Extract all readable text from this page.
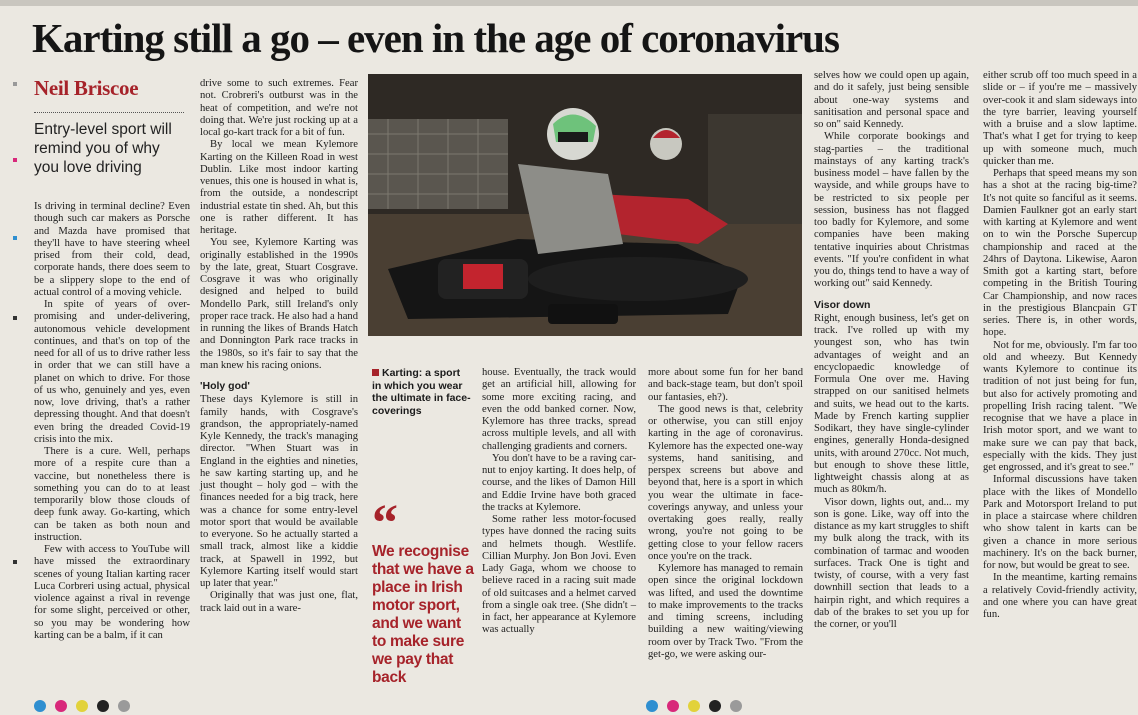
Karting still a go – even in the age of coronavirus
Neil Briscoe
Entry-level sport will remind you of why you love driving

Is driving in terminal decline? Even though such car makers as Porsche and Mazda have promised that they'll have to have steering wheel prised from their cold, dead, corporate hands, there does seem to be a slippery slope to the end of actual control of a moving vehicle.

In spite of years of over-promising and under-delivering, autonomous vehicle development continues, and that's on top of the need for all of us to drive rather less in order that we can still have a planet on which to drive. For those of us who, genuinely and yes, even now, love driving, that's a rather depressing thought. And that doesn't even bring the dreaded Covid-19 crisis into the mix.

There is a cure. Well, perhaps more of a respite cure than a vaccine, but nonetheless there is something you can do to at least temporarily blow those clouds of deep funk away. Go-karting, which can be taken as both noun and instruction.

Few with access to YouTube will have missed the extraordinary scenes of young Italian karting racer Luca Corbreri using actual, physical violence against a rival in revenge for some slight, perceived or other, so you may be wondering how karting can be a balm, if it can

drive some to such extremes. Fear not. Crobreri's outburst was in the heat of competition, and we're not doing that. We're just rocking up at a local go-kart track for a bit of fun.

By local we mean Kylemore Karting on the Killeen Road in west Dublin. Like most indoor karting venues, this one is housed in what is, from the outside, a nondescript industrial estate tin shed. Ah, but this one is rather different. It has heritage.

You see, Kylemore Karting was originally established in the 1990s by the late, great, Stuart Cosgrave. Cosgrave it was who originally designed and helped to build Mondello Park, still Ireland's only proper race track. He also had a hand in running the likes of Brands Hatch and Donnington Park race tracks in the 1980s, so it's fair to say that the man knew his racing onions.

'Holy god'

These days Kylemore is still in family hands, with Cosgrave's grandson, the appropriately-named Kyle Kennedy, the track's managing director. "When Stuart was in England in the eighties and nineties, he saw karting starting up, and he just thought – holy god – with the finances needed for a big track, here was a chance for some entry-level motor sport that would be available to everyone. So he actually started a small track, almost like a kiddie track, at Spawell in 1992, but Kylemore Karting itself would start up later that year."

Originally that was just one, flat, track laid out in a ware-

Karting: a sport in which you wear the ultimate in face-coverings
“
We recognise that we have a place in Irish motor sport, and we want to make sure we pay that back

house. Eventually, the track would get an artificial hill, allowing for some more exciting racing, and even the odd banked corner. Now, Kylemore has three tracks, spread across multiple levels, and all with challenging gradients and corners.

You don't have to be a raving car-nut to enjoy karting. It does help, of course, and the likes of Damon Hill and Eddie Irvine have both graced the tracks at Kylemore.

Some rather less motor-focused types have donned the racing suits and helmets though. Westlife. Cillian Murphy. Jon Bon Jovi. Even Lady Gaga, whom we choose to believe raced in a racing suit made of old suitcases and a helmet carved from a single oak tree. (She didn't – in fact, her appearance at Kylemore was actually

more about some fun for her band and back-stage team, but don't spoil our fantasies, eh?).

The good news is that, celebrity or otherwise, you can still enjoy karting in the age of coronavirus. Kylemore has the expected one-way systems, hand sanitising, and perspex screens but above and beyond that, here is a sport in which you wear the ultimate in face-coverings anyway, and unless your overtaking goes really, really wrong, you're not going to be getting close to your fellow racers once you're on the track.

Kylemore has managed to remain open since the original lockdown was lifted, and used the downtime to make improvements to the tracks and timing screens, including building a new waiting/viewing room over by Track Two. "From the get-go, we were asking our-

selves how we could open up again, and do it safely, just being sensible about one-way systems and sanitisation and personal space and so on" said Kennedy.

While corporate bookings and stag-parties – the traditional mainstays of any karting track's business model – have fallen by the wayside, and while groups have to be restricted to six people per session, business has not flagged too badly for Kylemore, and some companies have been making tentative inquiries about Christmas events. "If you're confident in what you do, things tend to have a way of working out" said Kennedy.

Visor down

Right, enough business, let's get on track. I've rolled up with my youngest son, who has twin advantages of weight and an encyclopaedic knowledge of Formula One over me. Having strapped on our sanitised helmets and suits, we head out to the karts. Made by French karting supplier Sodikart, they have single-cylinder engines, generally Honda-designed units, with around 270cc. Not much, but enough to shove these little, lightweight chassis along at as much as 80km/h.

Visor down, lights out, and... my son is gone. Like, way off into the distance as my kart struggles to shift my bulk along the track, with its combination of tarmac and wooden surfaces. Track One is tight and twisty, of course, with a very fast downhill section that leads to a hairpin right, and which requires a dab of the brakes to set you up for the corner, or you'll

either scrub off too much speed in a slide or – if you're me – massively over-cook it and slam sideways into the tyre barrier, leaving yourself with a bruise and a slow laptime. That's what I get for trying to keep up with someone much, much quicker than me.

Perhaps that speed means my son has a shot at the racing big-time? It's not quite so fanciful as it seems. Damien Faulkner got an early start with karting at Kylemore and went on to win the Porsche Supercup championship and raced at the 24hrs of Daytona. Likewise, Aaron Smith got a karting start, before competing in the British Touring Car Championship, and now races in the prestigious Blancpain GT series. There is, in other words, hope.

Not for me, obviously. I'm far too old and wheezy. But Kennedy wants Kylemore to continue its tradition of not just being for fun, but also for actively promoting and propelling Irish racing talent. "We recognise that we have a place in Irish motor sport, and we want to make sure we can pay that back, especially with the kids. They just get engrossed, and it's great to see."

Informal discussions have taken place with the likes of Mondello Park and Motorsport Ireland to put in place a staircase where children who show talent in karts can be given a chance in more serious machinery. It's on the back burner, for now, but would be great to see.

In the meantime, karting remains a relatively Covid-friendly activity, and one where you can have great fun.
